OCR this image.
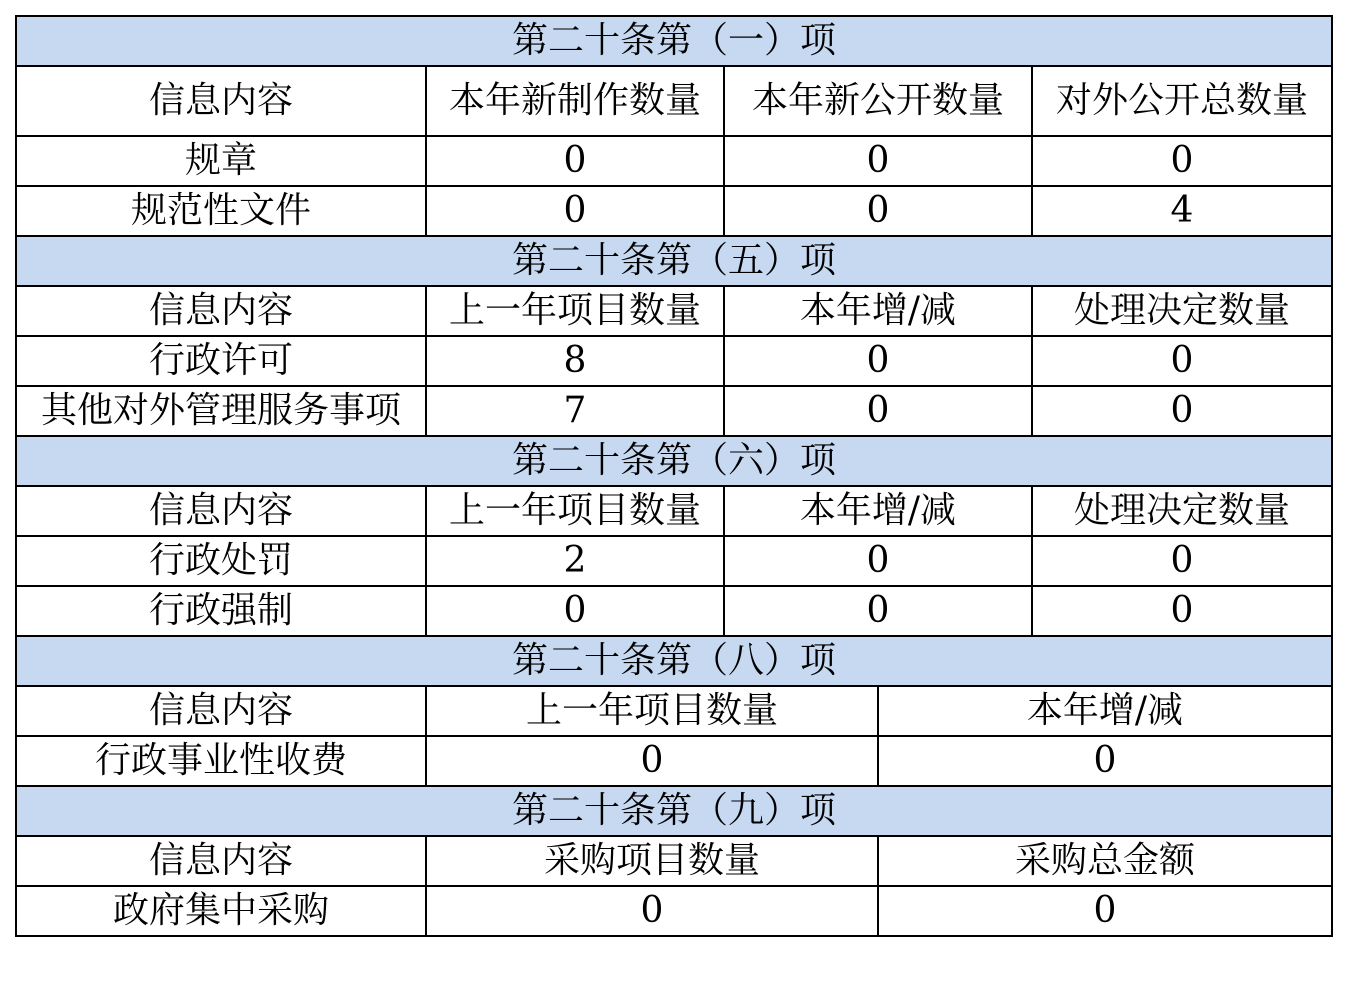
第二十条第（一）项				
信息内容	本年新制作数量	本年新公开数量		对外公开总数量
规章	0	0		0
规范性文件	0	0		4
第二十条第（五）项				
信息内容	上一年项目数量	本年增/减		处理决定数量
行政许可	8	0		0
其他对外管理服务事项	7	0		0
第二十条第（六）项				
信息内容	上一年项目数量	本年增/减		处理决定数量
行政处罚	2	0		0
行政强制	0	0		0
第二十条第（八）项				
信息内容	上一年项目数量		本年增/减	
行政事业性收费	0		0	
第二十条第（九）项				
信息内容	采购项目数量		采购总金额	
政府集中采购	0		0	
